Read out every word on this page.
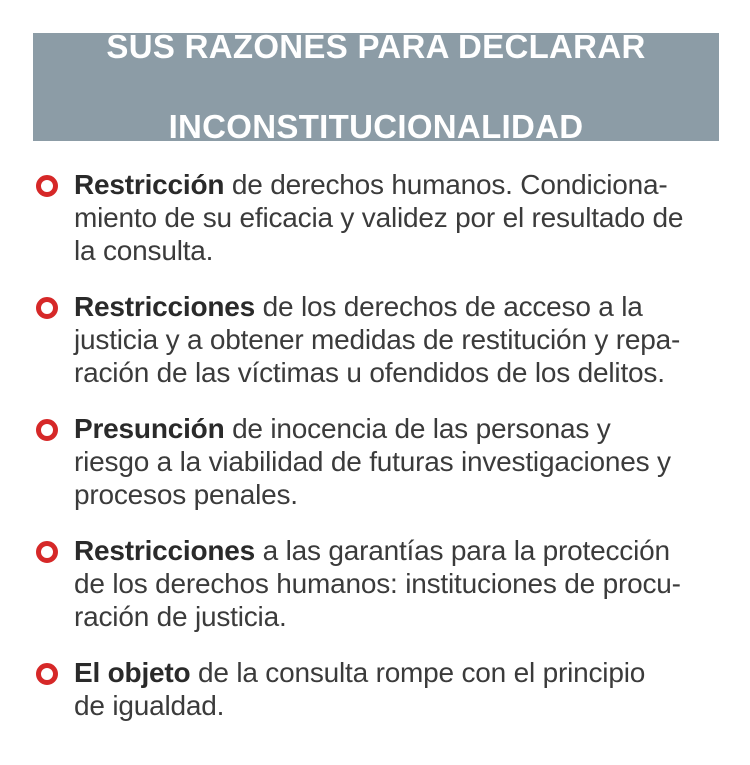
SUS RAZONES PARA DECLARAR

INCONSTITUCIONALIDAD

Restricción de derechos humanos. Condiciona-
miento de su eficacia y validez por el resultado de
la consulta.
Restricciones de los derechos de acceso a la
justicia y a obtener medidas de restitución y repa-
ración de las víctimas u ofendidos de los delitos.
Presunción de inocencia de las personas y
riesgo a la viabilidad de futuras investigaciones y
procesos penales.
Restricciones a las garantías para la protección
de los derechos humanos: instituciones de procu-
ración de justicia.
El objeto de la consulta rompe con el principio
de igualdad.
